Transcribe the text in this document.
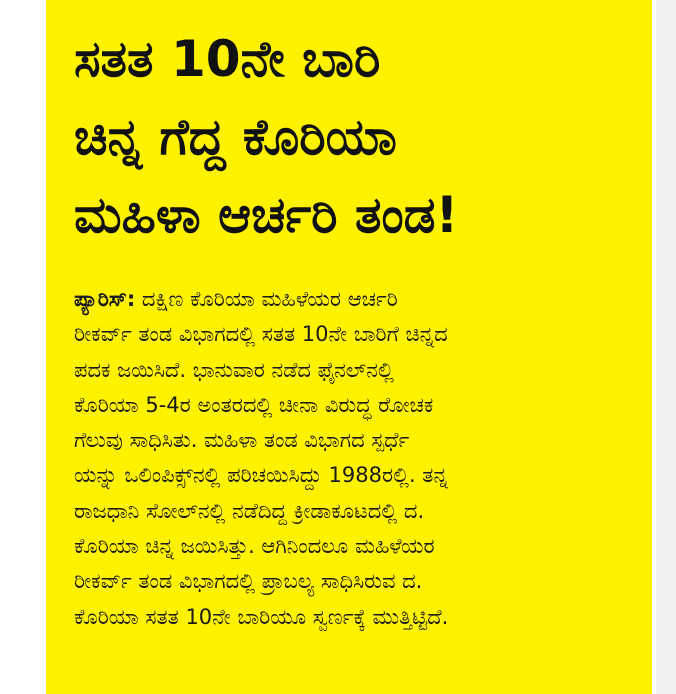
ಸತತ 10ನೇ ಬಾರಿ
ಚಿನ್ನ ಗೆದ್ದ ಕೊರಿಯಾ
ಮಹಿಳಾ ಆರ್ಚರಿ ತಂಡ!
ಪ್ಯಾರಿಸ್: ದಕ್ಷಿಣ ಕೊರಿಯಾ ಮಹಿಳೆಯರ ಆರ್ಚರಿ
ರೀಕರ್ವ್ ತಂಡ ವಿಭಾಗದಲ್ಲಿ ಸತತ 10ನೇ ಬಾರಿಗೆ ಚಿನ್ನದ
ಪದಕ ಜಯಿಸಿದೆ. ಭಾನುವಾರ ನಡೆದ ಫೈನಲ್‌ನಲ್ಲಿ
ಕೊರಿಯಾ 5-4ರ ಅಂತರದಲ್ಲಿ ಚೀನಾ ವಿರುದ್ಧ ರೋಚಕ
ಗೆಲುವು ಸಾಧಿಸಿತು. ಮಹಿಳಾ ತಂಡ ವಿಭಾಗದ ಸ್ಪರ್ಧೆ
ಯನ್ನು ಒಲಿಂಪಿಕ್ಸ್‌ನಲ್ಲಿ ಪರಿಚಯಿಸಿದ್ದು 1988ರಲ್ಲಿ. ತನ್ನ
ರಾಜಧಾನಿ ಸೋಲ್‌ನಲ್ಲಿ ನಡೆದಿದ್ದ ಕ್ರೀಡಾಕೂಟದಲ್ಲಿ ದ.
ಕೊರಿಯಾ ಚಿನ್ನ ಜಯಿಸಿತ್ತು. ಆಗಿನಿಂದಲೂ ಮಹಿಳೆಯರ
ರೀಕರ್ವ್ ತಂಡ ವಿಭಾಗದಲ್ಲಿ ಪ್ರಾಬಲ್ಯ ಸಾಧಿಸಿರುವ ದ.
ಕೊರಿಯಾ ಸತತ 10ನೇ ಬಾರಿಯೂ ಸ್ವರ್ಣಕ್ಕೆ ಮುತ್ತಿಟ್ಟಿದೆ.
